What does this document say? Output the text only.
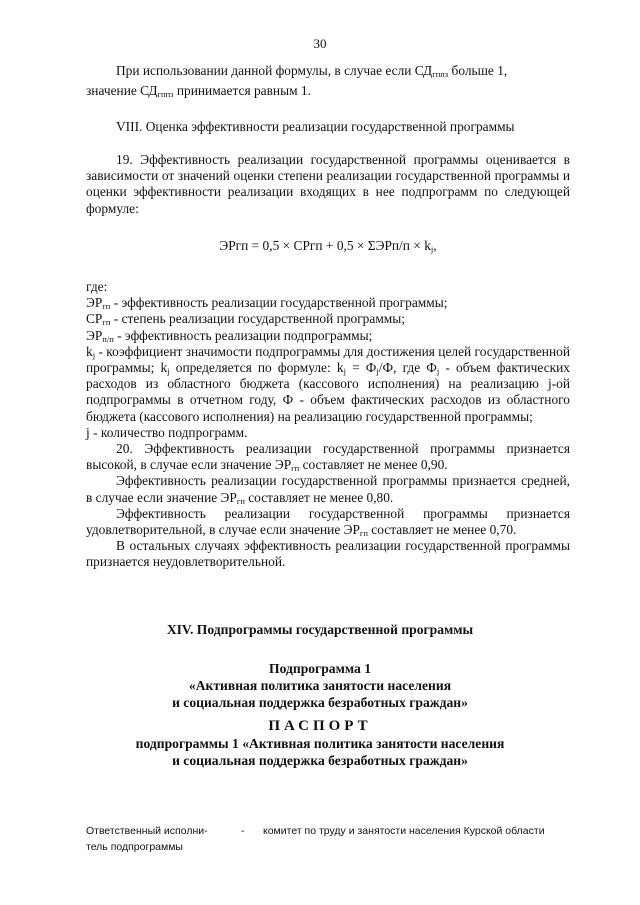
30

При использовании данной формулы, в случае если $СД_{гппз}$ больше 1,

значение $СД_{гппз}$ принимается равным 1.

VIII. Оценка эффективности реализации государственной программы

19. Эффективность реализации государственной программы оценивается в зависимости от значений оценки степени реализации государственной программы и оценки эффективности реализации входящих в нее подпрограмм по следующей формуле:

ЭРгп = 0,5 × СРгп + $0,5 \times \Sigma ЭРп/п \times k_j$,

где:

$ЭР_{гп}$ - эффективность реализации государственной программы;

$СР_{гп}$ - степень реализации государственной программы;

$ЭР_{п/п}$ - эффективность реализации подпрограммы;

$k_j$ - коэффициент значимости подпрограммы для достижения целей государственной программы; $k_j$ определяется по формуле: $k_j = Ф_j/Ф$, где $Ф_j$ - объем фактических расходов из областного бюджета (кассового исполнения) на реализацию j-ой подпрограммы в отчетном году, Ф - объем фактических расходов из областного бюджета (кассового исполнения) на реализацию государственной программы;

j - количество подпрограмм.

20. Эффективность реализации государственной программы признается высокой, в случае если значение $ЭР_{гп}$ составляет не менее 0,90.

Эффективность реализации государственной программы признается средней, в случае если значение $ЭР_{гп}$ составляет не менее 0,80.

Эффективность реализации государственной программы признается удовлетворительной, в случае если значение $ЭР_{гп}$ составляет не менее 0,70.

В остальных случаях эффективность реализации государственной программы признается неудовлетворительной.

XIV. Подпрограммы государственной программы
Подпрограмма 1
«Активная политика занятости населения
и социальная поддержка безработных граждан»
ПАСПОРТ
подпрограммы 1 «Активная политика занятости населения
и социальная поддержка безработных граждан»
Ответственный исполни-
тель подпрограммы
- комитет по труду и занятости населения Курской области
